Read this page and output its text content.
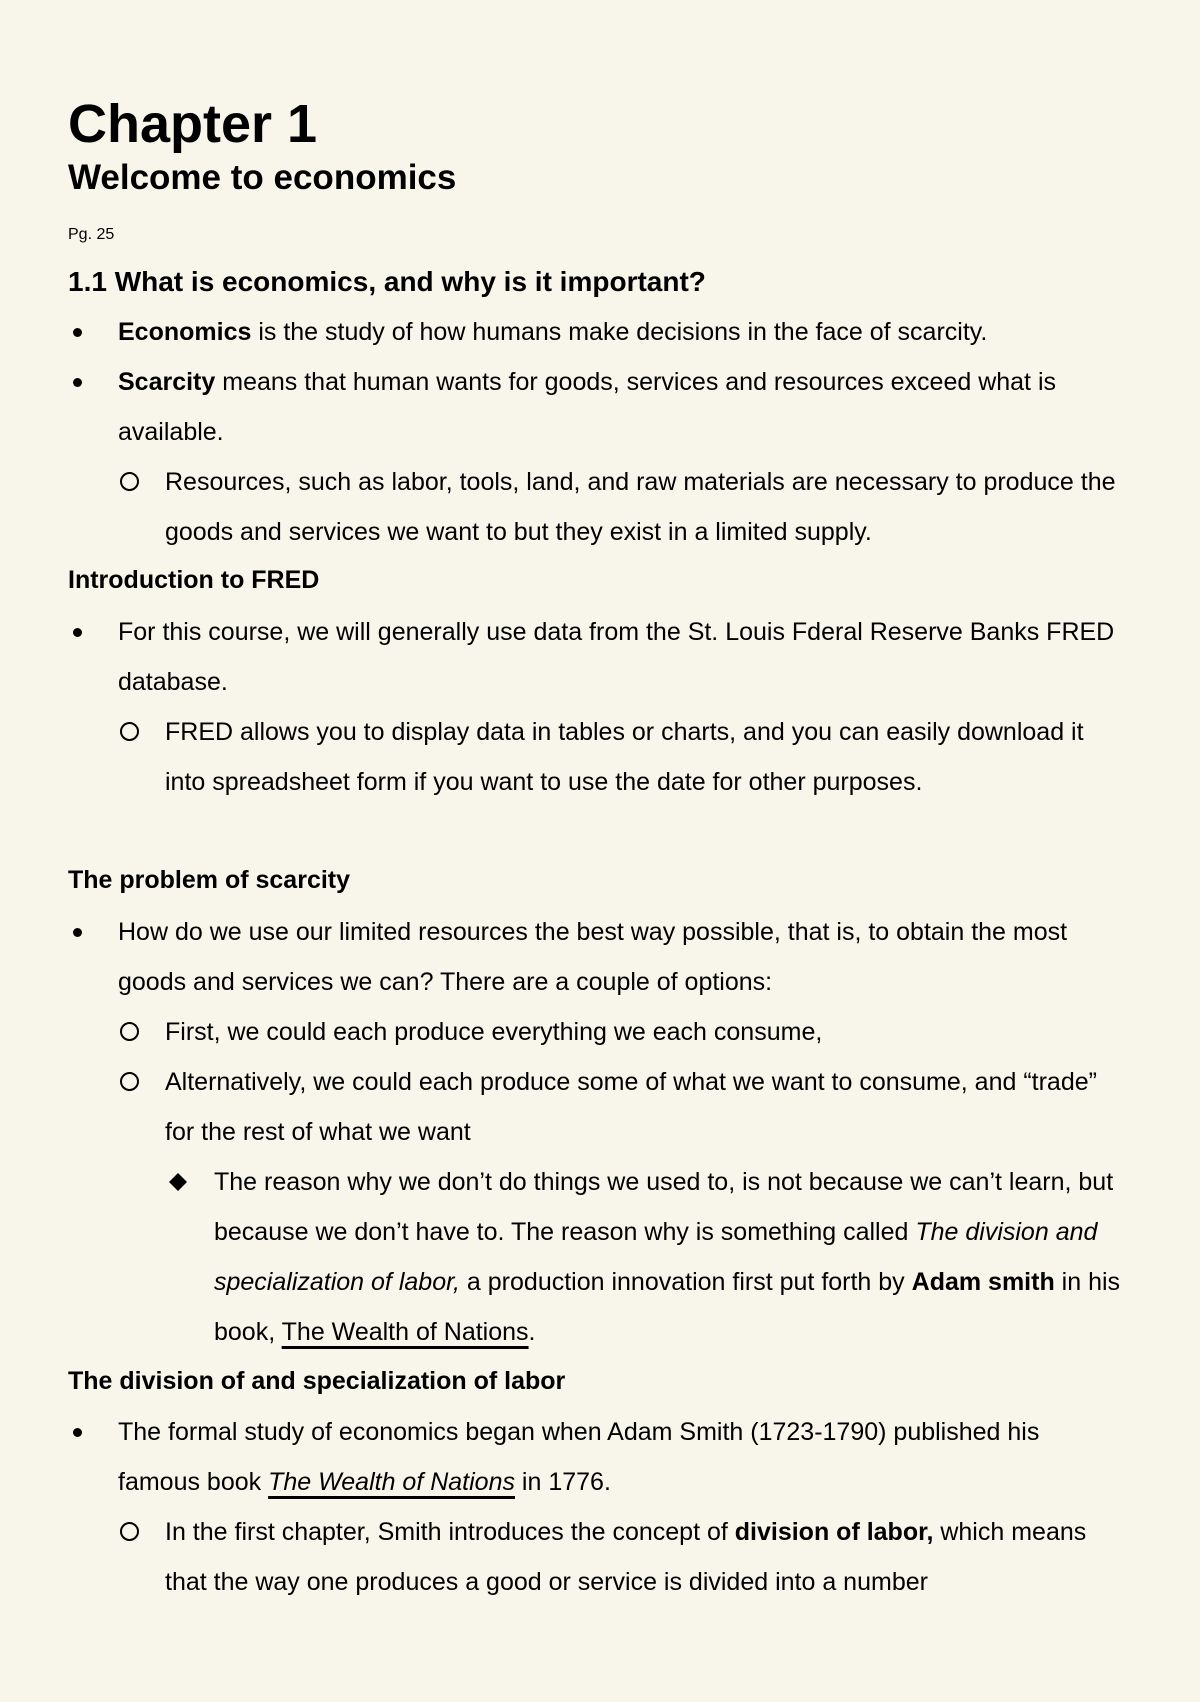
Chapter 1
Welcome to economics
Pg. 25
1.1 What is economics, and why is it important?
Economics is the study of how humans make decisions in the face of scarcity.
Scarcity means that human wants for goods, services and resources exceed what is available.
Resources, such as labor, tools, land, and raw materials are necessary to produce the goods and services we want to but they exist in a limited supply.
Introduction to FRED
For this course, we will generally use data from the St. Louis Fderal Reserve Banks FRED database.
FRED allows you to display data in tables or charts, and you can easily download it into spreadsheet form if you want to use the date for other purposes.
The problem of scarcity
How do we use our limited resources the best way possible, that is, to obtain the most goods and services we can? There are a couple of options:
First, we could each produce everything we each consume,
Alternatively, we could each produce some of what we want to consume, and “trade” for the rest of what we want
The reason why we don’t do things we used to, is not because we can’t learn, but because we don’t have to. The reason why is something called The division and specialization of labor, a production innovation first put forth by Adam smith in his book, The Wealth of Nations.
The division of and specialization of labor
The formal study of economics began when Adam Smith (1723-1790) published his famous book The Wealth of Nations in 1776.
In the first chapter, Smith introduces the concept of division of labor, which means that the way one produces a good or service is divided into a number
